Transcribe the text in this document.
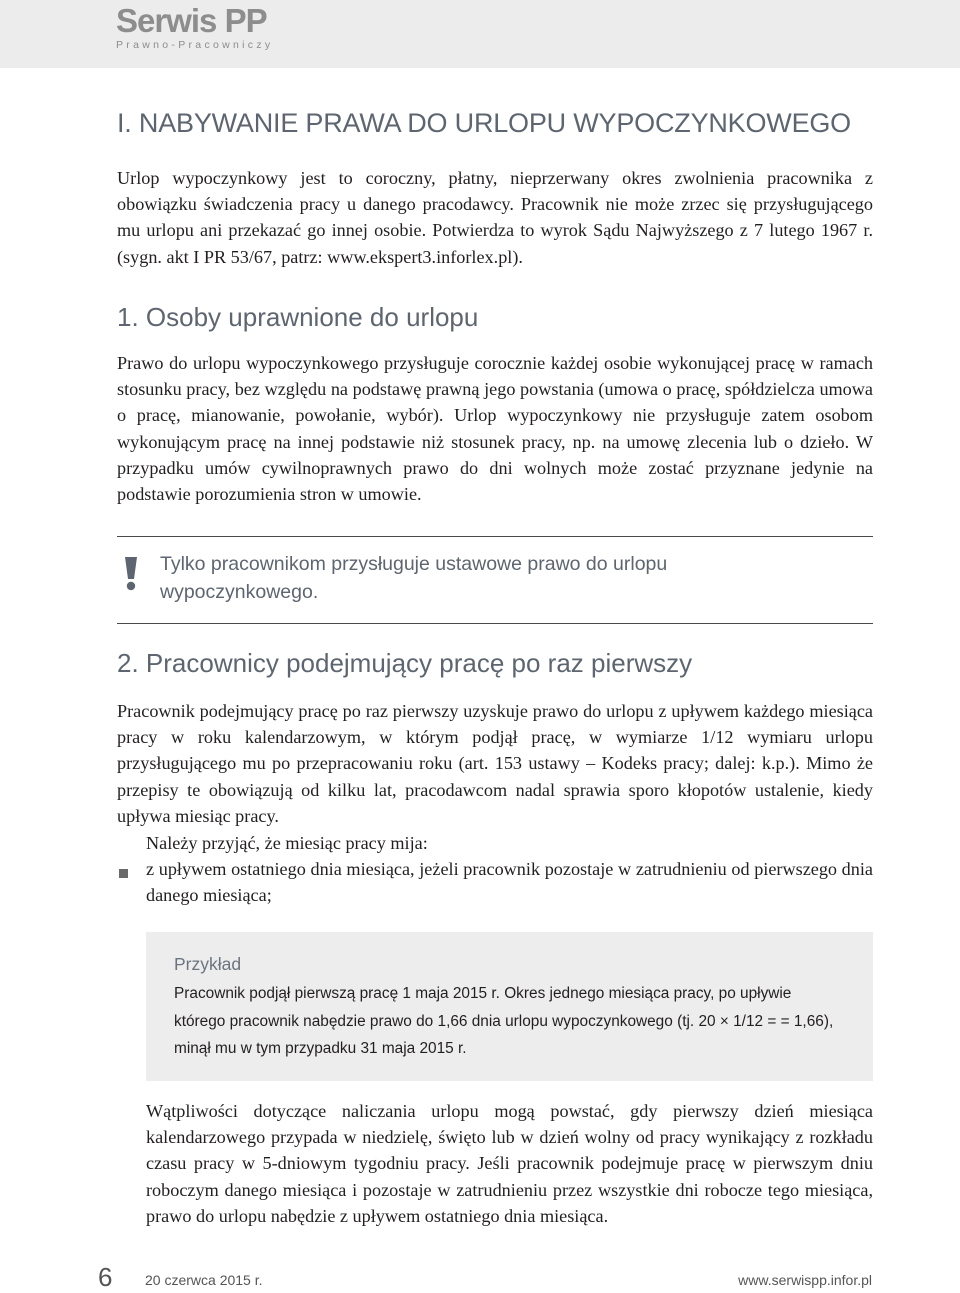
Serwis PP
Prawno-Pracowniczy
I. NABYWANIE PRAWA DO URLOPU WYPOCZYNKOWEGO

Urlop wypoczynkowy jest to coroczny, płatny, nieprzerwany okres zwolnienia pracownika z obowiązku świadczenia pracy u danego pracodawcy. Pracownik nie może zrzec się przysługującego mu urlopu ani przekazać go innej osobie. Potwierdza to wyrok Sądu Najwyższego z 7 lutego 1967 r. (sygn. akt I PR 53/67, patrz: www.ekspert3.inforlex.pl).

1. Osoby uprawnione do urlopu

Prawo do urlopu wypoczynkowego przysługuje corocznie każdej osobie wykonującej pracę w ramach stosunku pracy, bez względu na podstawę prawną jego powstania (umowa o pracę, spółdzielcza umowa o pracę, mianowanie, powołanie, wybór). Urlop wypoczynkowy nie przysługuje zatem osobom wykonującym pracę na innej podstawie niż stosunek pracy, np. na umowę zlecenia lub o dzieło. W przypadku umów cywilnoprawnych prawo do dni wolnych może zostać przyznane jedynie na podstawie porozumienia stron w umowie.

Tylko pracownikom przysługuje ustawowe prawo do urlopu wypoczynkowego.

2. Pracownicy podejmujący pracę po raz pierwszy

Pracownik podejmujący pracę po raz pierwszy uzyskuje prawo do urlopu z upływem każdego miesiąca pracy w roku kalendarzowym, w którym podjął pracę, w wymiarze 1/12 wymiaru urlopu przysługującego mu po przepracowaniu roku (art. 153 ustawy – Kodeks pracy; dalej: k.p.). Mimo że przepisy te obowiązują od kilku lat, pracodawcom nadal sprawia sporo kłopotów ustalenie, kiedy upływa miesiąc pracy.

Należy przyjąć, że miesiąc pracy mija:

z upływem ostatniego dnia miesiąca, jeżeli pracownik pozostaje w zatrudnieniu od pierwszego dnia danego miesiąca;

Przykład

Pracownik podjął pierwszą pracę 1 maja 2015 r. Okres jednego miesiąca pracy, po upływie którego pracownik nabędzie prawo do 1,66 dnia urlopu wypoczynkowego (tj. 20 × 1/12 = = 1,66), minął mu w tym przypadku 31 maja 2015 r.

Wątpliwości dotyczące naliczania urlopu mogą powstać, gdy pierwszy dzień miesiąca kalendarzowego przypada w niedzielę, święto lub w dzień wolny od pracy wynikający z rozkładu czasu pracy w 5-dniowym tygodniu pracy. Jeśli pracownik podejmuje pracę w pierwszym dniu roboczym danego miesiąca i pozostaje w zatrudnieniu przez wszystkie dni robocze tego miesiąca, prawo do urlopu nabędzie z upływem ostatniego dnia miesiąca.

6 20 czerwca 2015 r.	www.serwispp.infor.pl
